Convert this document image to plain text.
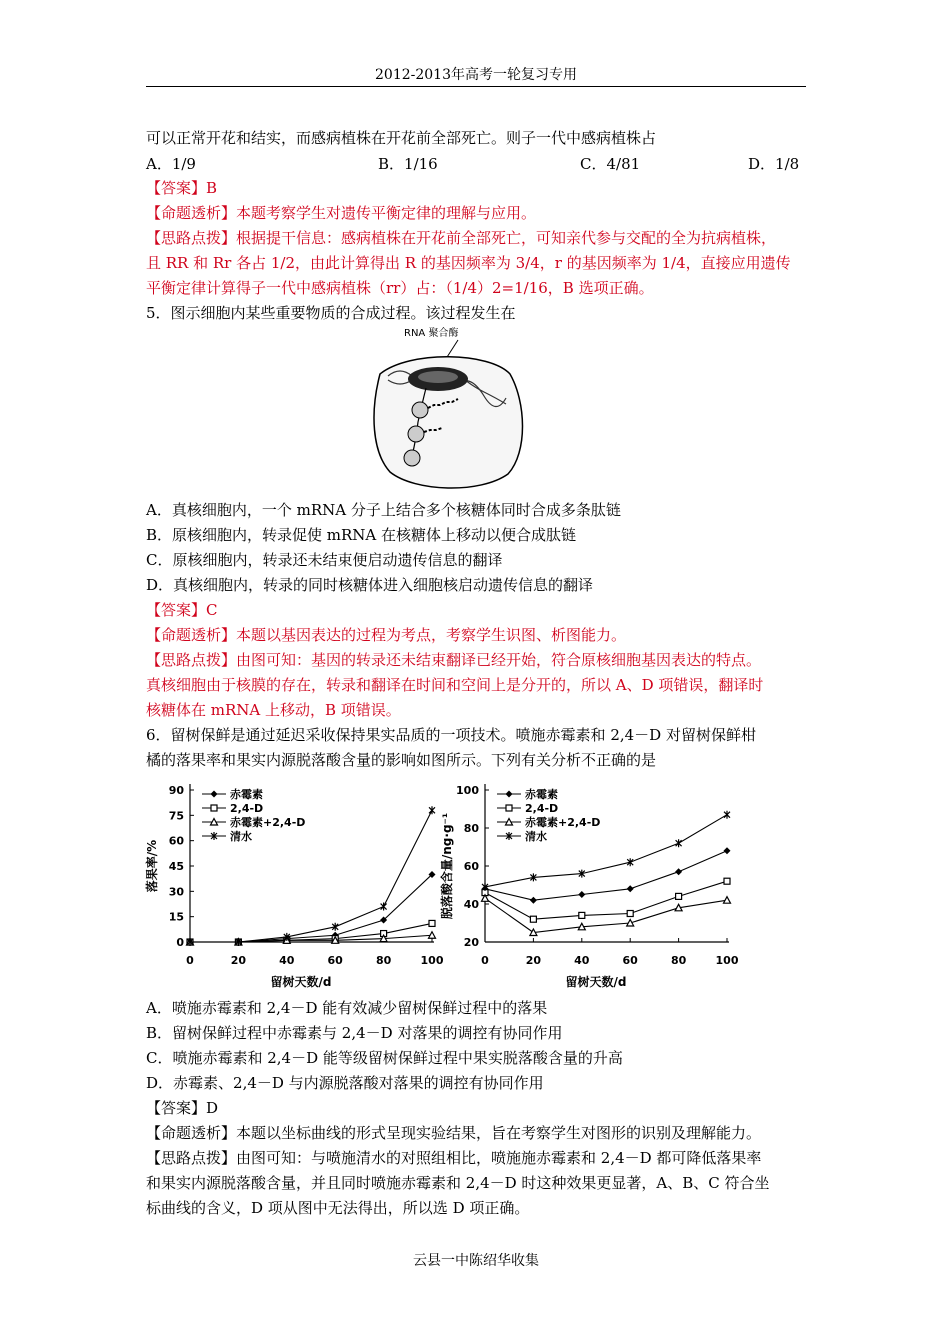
2012-2013年高考一轮复习专用
可以正常开花和结实，而感病植株在开花前全部死亡。则子一代中感病植株占
A．1/9	B．1/16	C．4/81	D．1/8
【答案】B
【命题透析】本题考察学生对遗传平衡定律的理解与应用。
【思路点拨】根据提干信息：感病植株在开花前全部死亡，可知亲代参与交配的全为抗病植株，
且 RR 和 Rr 各占 1/2，由此计算得出 R 的基因频率为 3/4，r 的基因频率为 1/4，直接应用遗传
平衡定律计算得子一代中感病植株（rr）占：（1/4）2=1/16，B 选项正确。
5．图示细胞内某些重要物质的合成过程。该过程发生在
RNA 聚合酶
A．真核细胞内，一个 mRNA 分子上结合多个核糖体同时合成多条肽链
B．原核细胞内，转录促使 mRNA 在核糖体上移动以便合成肽链
C．原核细胞内，转录还未结束便启动遗传信息的翻译
D．真核细胞内，转录的同时核糖体进入细胞核启动遗传信息的翻译
【答案】C
【命题透析】本题以基因表达的过程为考点，考察学生识图、析图能力。
【思路点拨】由图可知：基因的转录还未结束翻译已经开始，符合原核细胞基因表达的特点。
真核细胞由于核膜的存在，转录和翻译在时间和空间上是分开的，所以 A、D 项错误，翻译时
核糖体在 mRNA 上移动，B 项错误。
6．留树保鲜是通过延迟采收保持果实品质的一项技术。喷施赤霉素和 2,4－D 对留树保鲜柑
橘的落果率和果实内源脱落酸含量的影响如图所示。下列有关分析不正确的是
0
15
30
45
60
75
90
0	20	40	60	80	100
留树天数/d
落果率/%
赤霉素
2,4-D
赤霉素+2,4-D
清水
20
40
60
80
100
0	20	40	60	80	100
留树天数/d
脱落酸含量/ng·g⁻¹
赤霉素
2,4-D
赤霉素+2,4-D
清水
A．喷施赤霉素和 2,4－D 能有效减少留树保鲜过程中的落果
B．留树保鲜过程中赤霉素与 2,4－D 对落果的调控有协同作用
C．喷施赤霉素和 2,4－D 能等级留树保鲜过程中果实脱落酸含量的升高
D．赤霉素、2,4－D 与内源脱落酸对落果的调控有协同作用
【答案】D
【命题透析】本题以坐标曲线的形式呈现实验结果，旨在考察学生对图形的识别及理解能力。
【思路点拨】由图可知：与喷施清水的对照组相比，喷施施赤霉素和 2,4－D 都可降低落果率
和果实内源脱落酸含量，并且同时喷施赤霉素和 2,4－D 时这种效果更显著，A、B、C 符合坐
标曲线的含义，D 项从图中无法得出，所以选 D 项正确。
云县一中陈绍华收集
